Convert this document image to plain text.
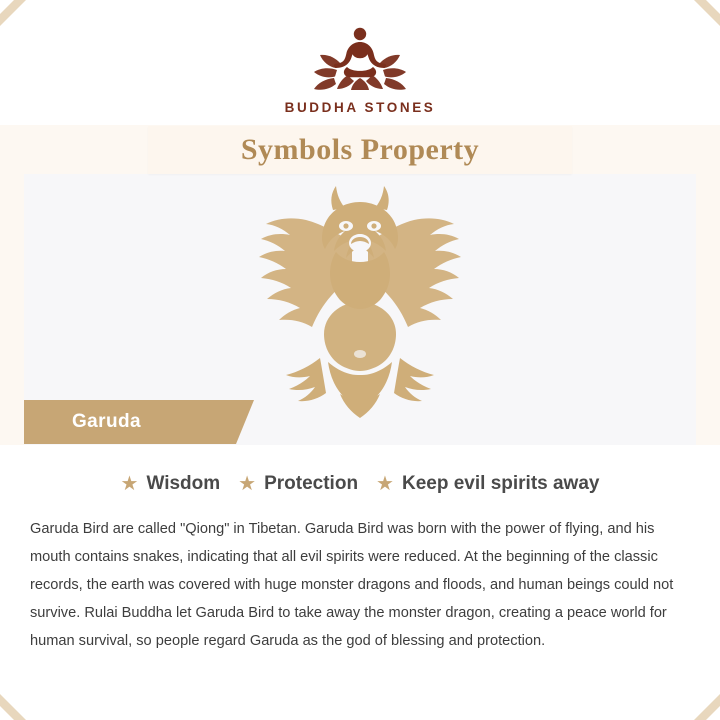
BUDDHA STONES
Symbols Property
Garuda
★ Wisdom ★ Protection ★ Keep evil spirits away

Garuda Bird are called "Qiong" in Tibetan. Garuda Bird was born with the power of flying, and his mouth contains snakes, indicating that all evil spirits were reduced. At the beginning of the classic records, the earth was covered with huge monster dragons and floods, and human beings could not survive. Rulai Buddha let Garuda Bird to take away the monster dragon, creating a peace world for human survival, so people regard Garuda as the god of blessing and protection.
